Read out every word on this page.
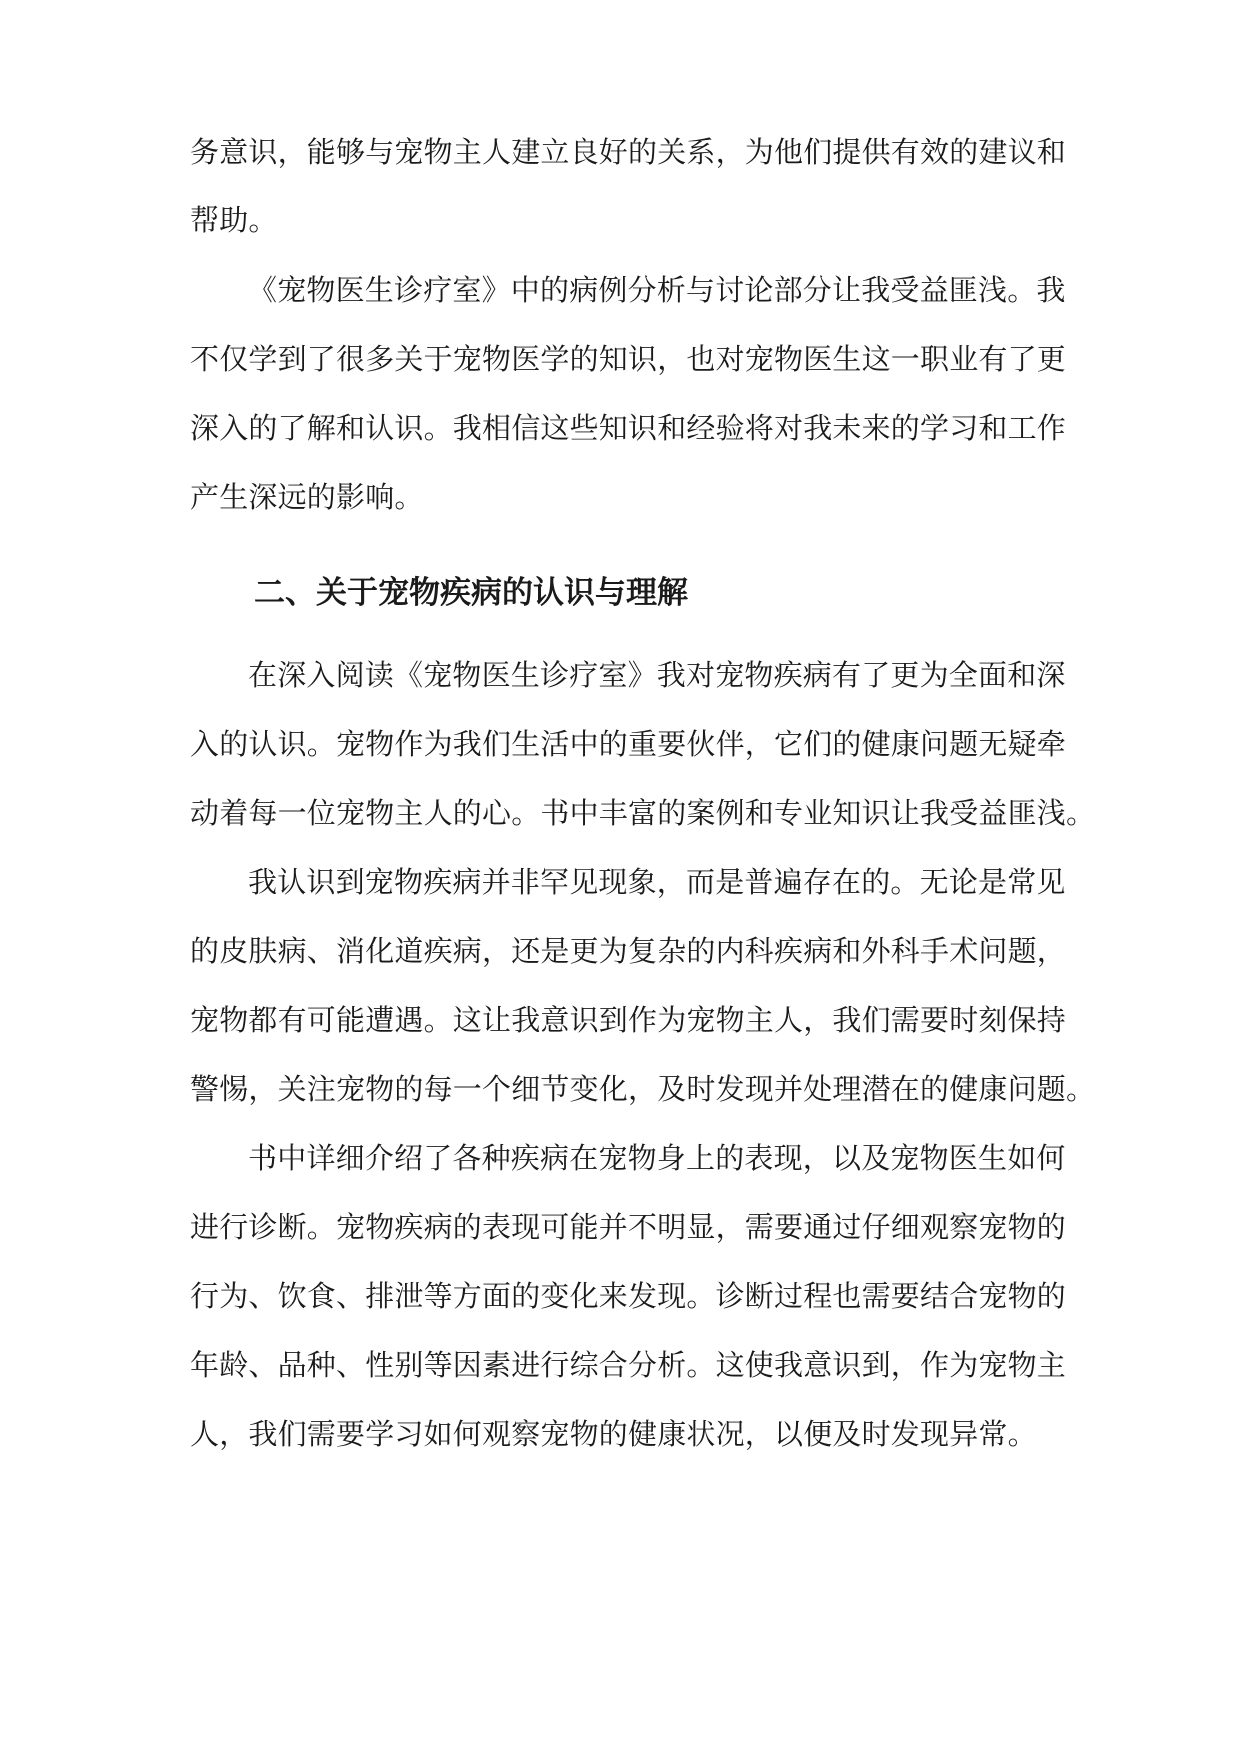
务意识，能够与宠物主人建立良好的关系，为他们提供有效的建议和
帮助。
《宠物医生诊疗室》中的病例分析与讨论部分让我受益匪浅。我
不仅学到了很多关于宠物医学的知识，也对宠物医生这一职业有了更
深入的了解和认识。我相信这些知识和经验将对我未来的学习和工作
产生深远的影响。
二、关于宠物疾病的认识与理解
在深入阅读《宠物医生诊疗室》我对宠物疾病有了更为全面和深
入的认识。宠物作为我们生活中的重要伙伴，它们的健康问题无疑牵
动着每一位宠物主人的心。书中丰富的案例和专业知识让我受益匪浅。
我认识到宠物疾病并非罕见现象，而是普遍存在的。无论是常见
的皮肤病、消化道疾病，还是更为复杂的内科疾病和外科手术问题，
宠物都有可能遭遇。这让我意识到作为宠物主人，我们需要时刻保持
警惕，关注宠物的每一个细节变化，及时发现并处理潜在的健康问题。
书中详细介绍了各种疾病在宠物身上的表现，以及宠物医生如何
进行诊断。宠物疾病的表现可能并不明显，需要通过仔细观察宠物的
行为、饮食、排泄等方面的变化来发现。诊断过程也需要结合宠物的
年龄、品种、性别等因素进行综合分析。这使我意识到，作为宠物主
人，我们需要学习如何观察宠物的健康状况，以便及时发现异常。
